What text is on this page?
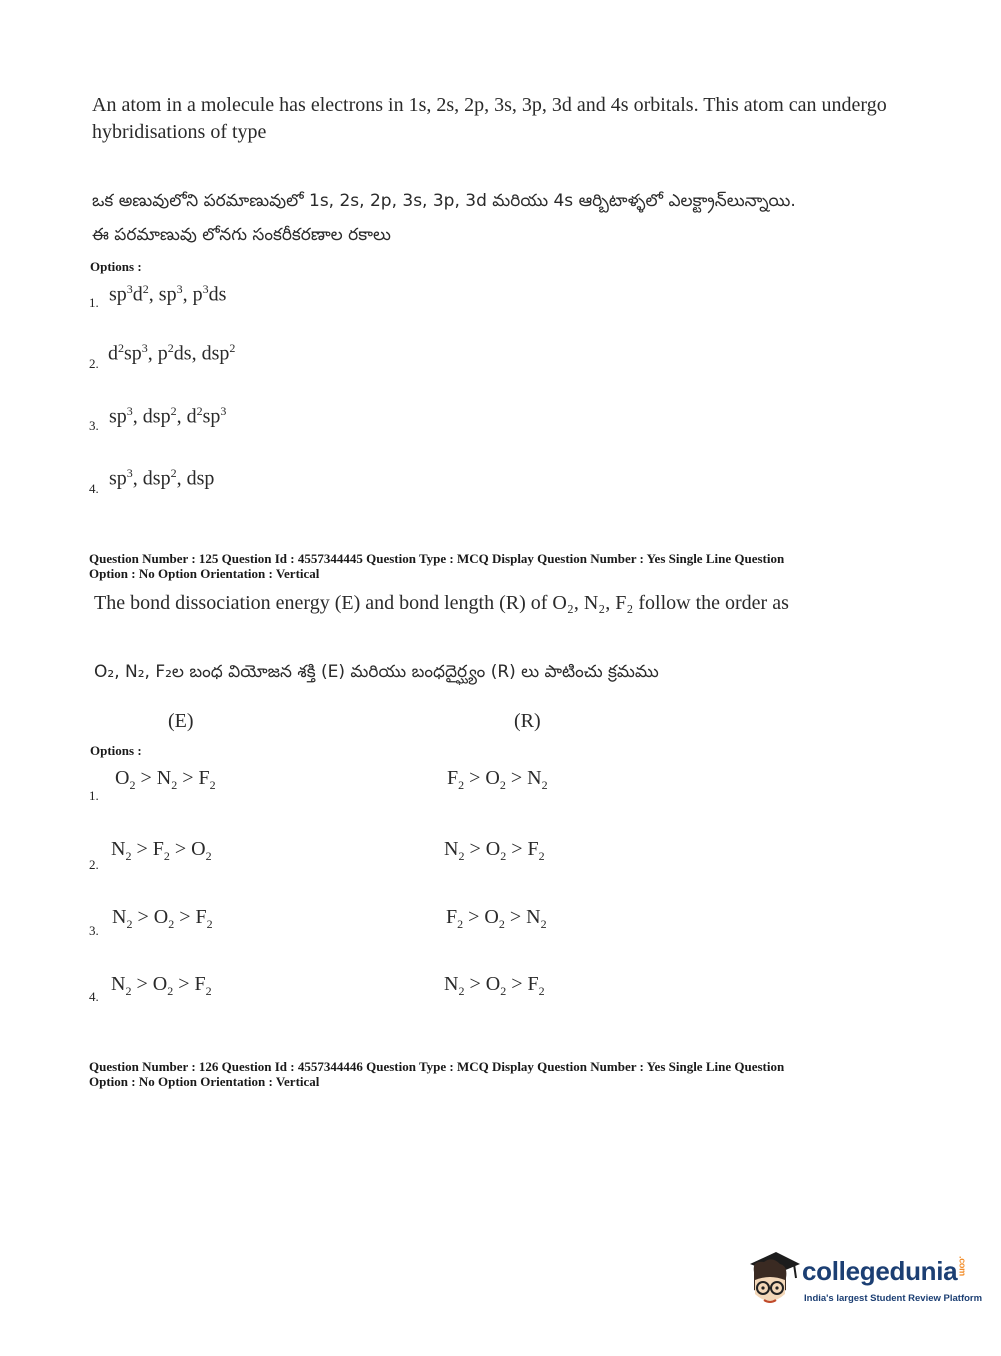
An atom in a molecule has electrons in 1s, 2s, 2p, 3s, 3p, 3d and 4s orbitals. This atom can undergo hybridisations of type
ఒక అణువులోని పరమాణువులో 1s, 2s, 2p, 3s, 3p, 3d మరియు 4s ఆర్బిటాళ్ళలో ఎలక్ట్రాన్‌లున్నాయి.
ఈ పరమాణువు లోనగు సంకరీకరణాల రకాలు
Options :
1. $sp^3d^2$, $sp^3$, $p^3ds$
2. $d^2sp^3$, $p^2ds$, dsp$^2$
3. $sp^3$, dsp$^2$, $d^2sp^3$
4. $sp^3$, dsp$^2$, dsp
Question Number : 125 Question Id : 4557344445 Question Type : MCQ Display Question Number : Yes Single Line Question
Option : No Option Orientation : Vertical
The bond dissociation energy (E) and bond length (R) of O₂, N₂, F₂ follow the order as
O₂, N₂, F₂ల బంధ వియోజన శక్తి (E) మరియు బంధదైర్ఘ్యం (R) లు పాటించు క్రమము
(E)	(R)
Options :
1.
$O_2 > N_2 > F_2$	$F_2 > O_2 > N_2$
2.
$N_2 > F_2 > O_2$	$N_2 > O_2 > F_2$
3.
$N_2 > O_2 > F_2$	$F_2 > O_2 > N_2$
4.
$N_2 > O_2 > F_2$	$N_2 > O_2 > F_2$
Question Number : 126 Question Id : 4557344446 Question Type : MCQ Display Question Number : Yes Single Line Question
Option : No Option Orientation : Vertical
collegedunia.com
India's largest Student Review Platform
